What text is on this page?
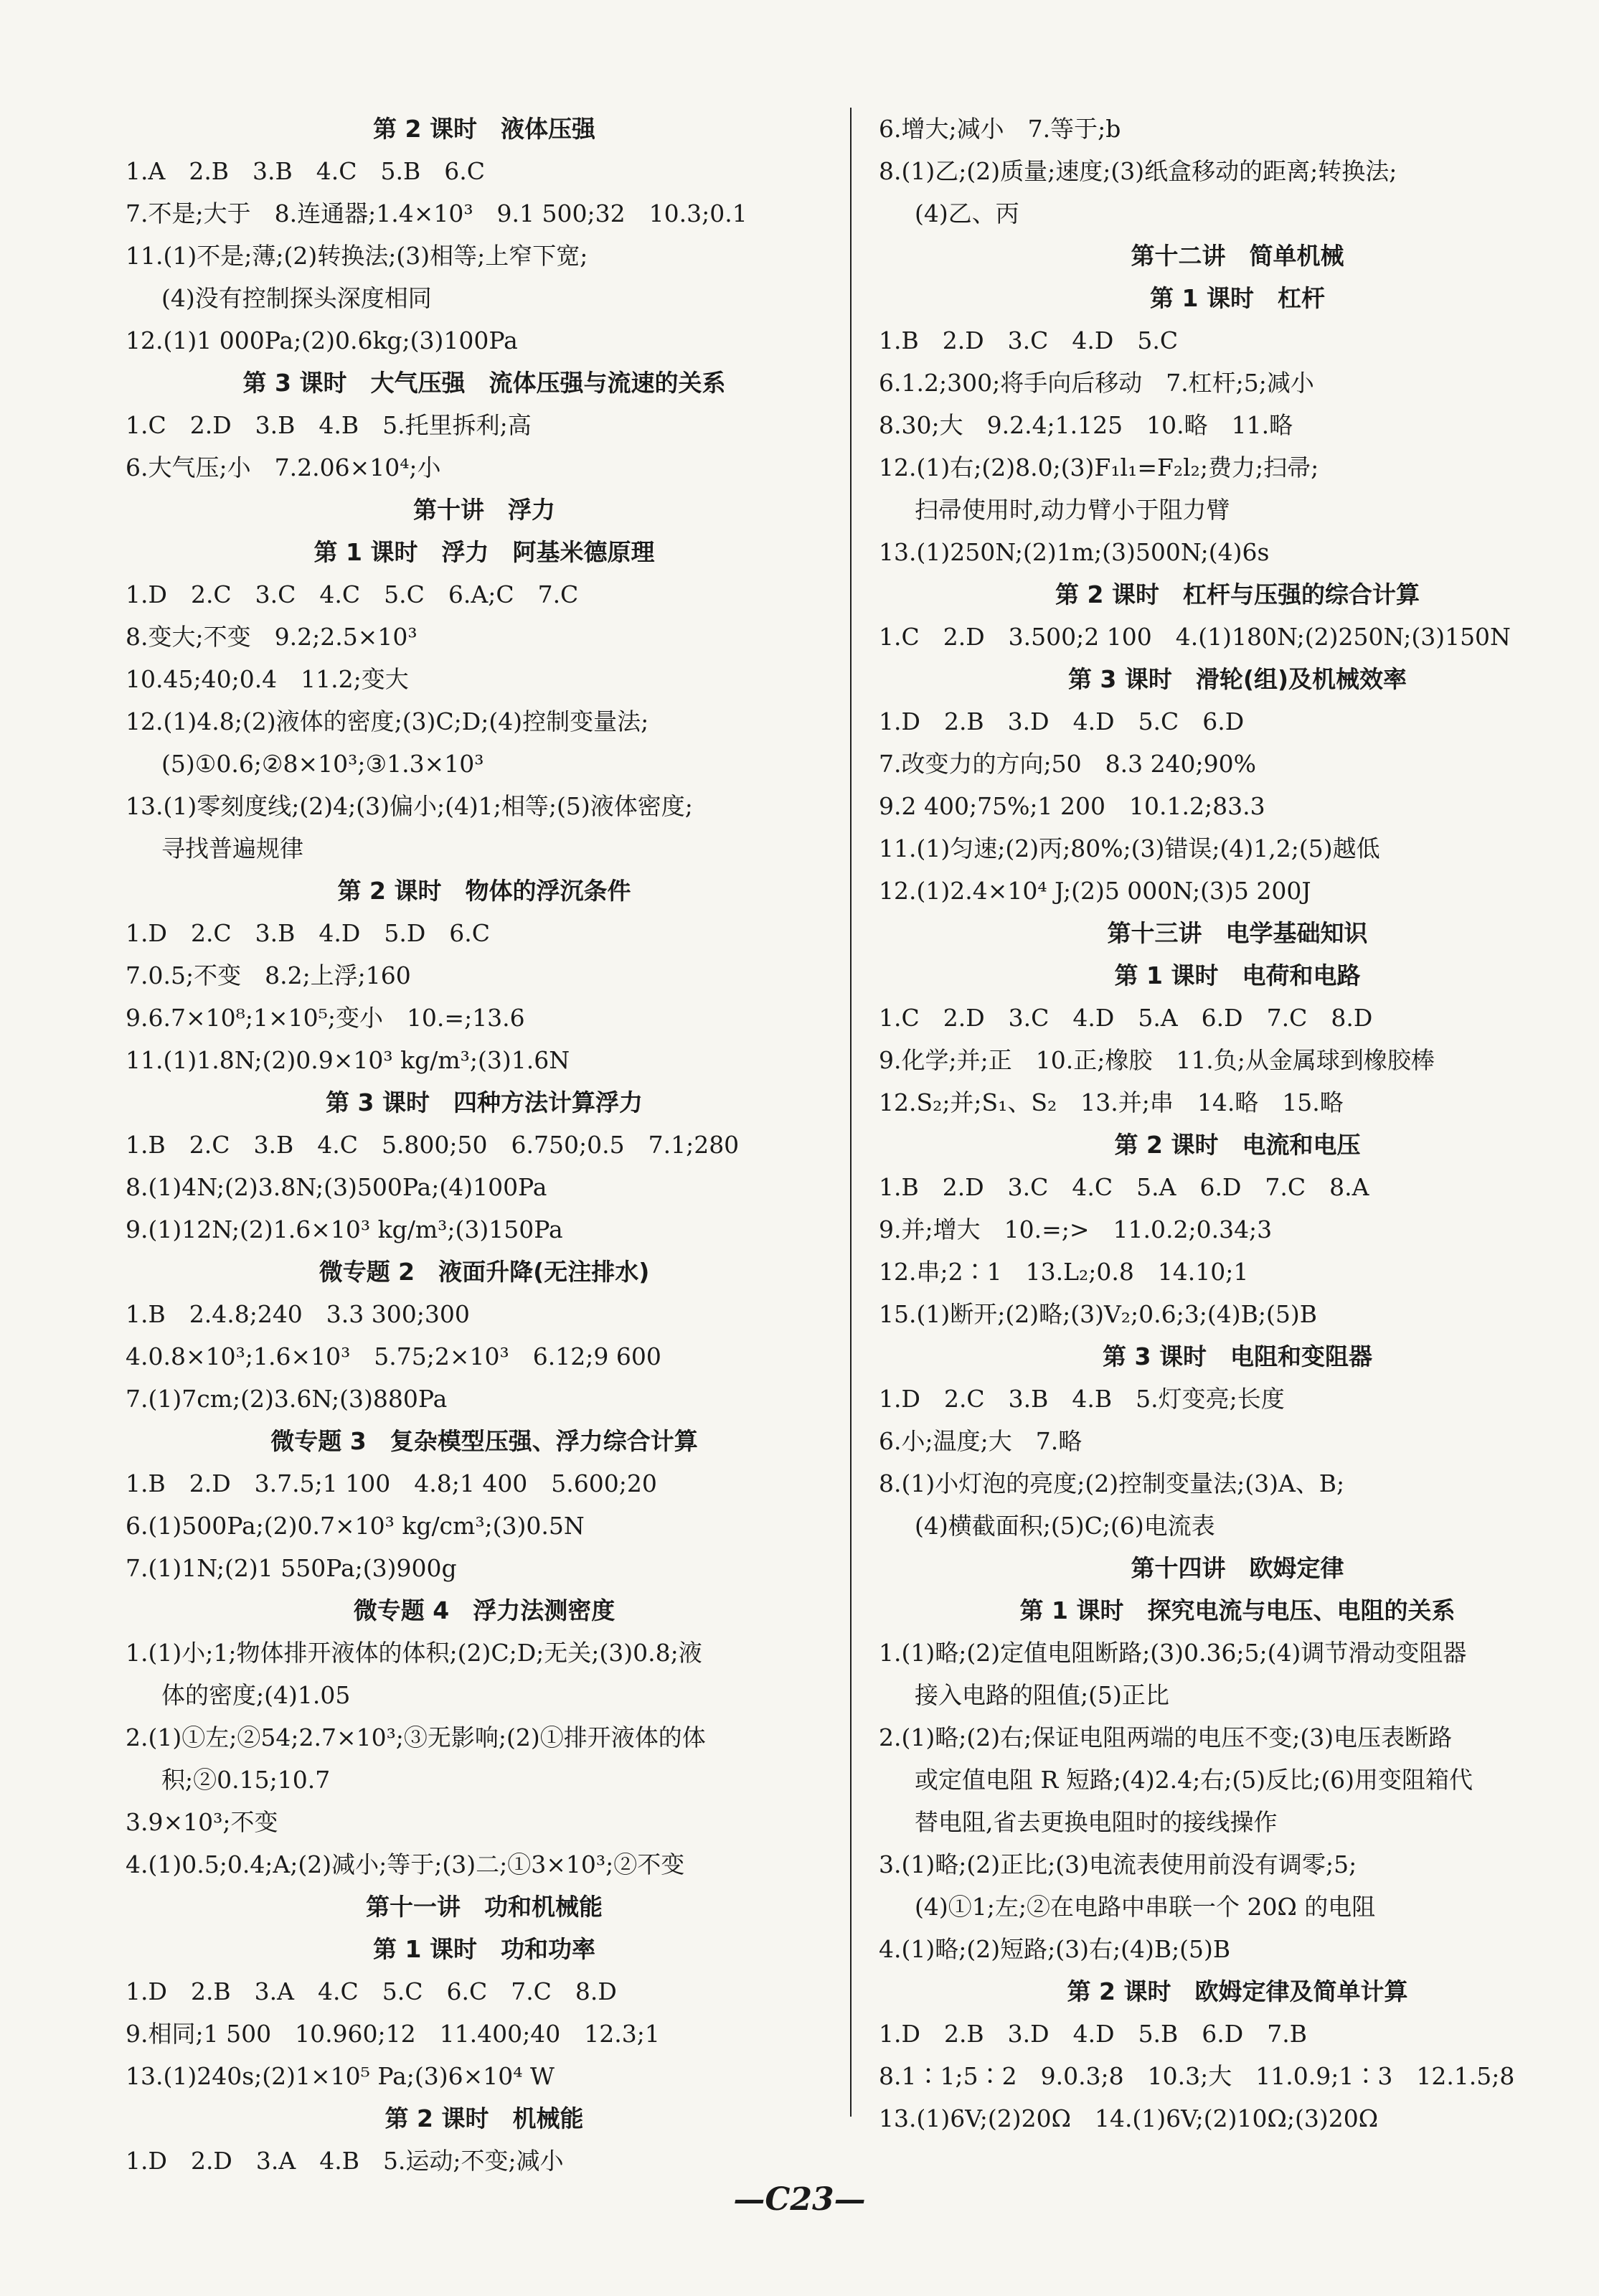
第 2 课时　液体压强
1.A　2.B　3.B　4.C　5.B　6.C
7.不是;大于　8.连通器;1.4×10³　9.1 500;32　10.3;0.1
11.(1)不是;薄;(2)转换法;(3)相等;上窄下宽;
(4)没有控制探头深度相同
12.(1)1 000Pa;(2)0.6kg;(3)100Pa
第 3 课时　大气压强　流体压强与流速的关系
1.C　2.D　3.B　4.B　5.托里拆利;高
6.大气压;小　7.2.06×10⁴;小
第十讲　浮力
第 1 课时　浮力　阿基米德原理
1.D　2.C　3.C　4.C　5.C　6.A;C　7.C
8.变大;不变　9.2;2.5×10³
10.45;40;0.4　11.2;变大
12.(1)4.8;(2)液体的密度;(3)C;D;(4)控制变量法;
(5)①0.6;②8×10³;③1.3×10³
13.(1)零刻度线;(2)4;(3)偏小;(4)1;相等;(5)液体密度;
寻找普遍规律
第 2 课时　物体的浮沉条件
1.D　2.C　3.B　4.D　5.D　6.C
7.0.5;不变　8.2;上浮;160
9.6.7×10⁸;1×10⁵;变小　10.=;13.6
11.(1)1.8N;(2)0.9×10³ kg/m³;(3)1.6N
第 3 课时　四种方法计算浮力
1.B　2.C　3.B　4.C　5.800;50　6.750;0.5　7.1;280
8.(1)4N;(2)3.8N;(3)500Pa;(4)100Pa
9.(1)12N;(2)1.6×10³ kg/m³;(3)150Pa
微专题 2　液面升降(无注排水)
1.B　2.4.8;240　3.3 300;300
4.0.8×10³;1.6×10³　5.75;2×10³　6.12;9 600
7.(1)7cm;(2)3.6N;(3)880Pa
微专题 3　复杂模型压强、浮力综合计算
1.B　2.D　3.7.5;1 100　4.8;1 400　5.600;20
6.(1)500Pa;(2)0.7×10³ kg/cm³;(3)0.5N
7.(1)1N;(2)1 550Pa;(3)900g
微专题 4　浮力法测密度
1.(1)小;1;物体排开液体的体积;(2)C;D;无关;(3)0.8;液
体的密度;(4)1.05
2.(1)①左;②54;2.7×10³;③无影响;(2)①排开液体的体
积;②0.15;10.7
3.9×10³;不变
4.(1)0.5;0.4;A;(2)减小;等于;(3)二;①3×10³;②不变
第十一讲　功和机械能
第 1 课时　功和功率
1.D　2.B　3.A　4.C　5.C　6.C　7.C　8.D
9.相同;1 500　10.960;12　11.400;40　12.3;1
13.(1)240s;(2)1×10⁵ Pa;(3)6×10⁴ W
第 2 课时　机械能
1.D　2.D　3.A　4.B　5.运动;不变;减小
6.增大;减小　7.等于;b
8.(1)乙;(2)质量;速度;(3)纸盒移动的距离;转换法;
(4)乙、丙
第十二讲　简单机械
第 1 课时　杠杆
1.B　2.D　3.C　4.D　5.C
6.1.2;300;将手向后移动　7.杠杆;5;减小
8.30;大　9.2.4;1.125　10.略　11.略
12.(1)右;(2)8.0;(3)F₁l₁=F₂l₂;费力;扫帚;
扫帚使用时,动力臂小于阻力臂
13.(1)250N;(2)1m;(3)500N;(4)6s
第 2 课时　杠杆与压强的综合计算
1.C　2.D　3.500;2 100　4.(1)180N;(2)250N;(3)150N
第 3 课时　滑轮(组)及机械效率
1.D　2.B　3.D　4.D　5.C　6.D
7.改变力的方向;50　8.3 240;90%
9.2 400;75%;1 200　10.1.2;83.3
11.(1)匀速;(2)丙;80%;(3)错误;(4)1,2;(5)越低
12.(1)2.4×10⁴ J;(2)5 000N;(3)5 200J
第十三讲　电学基础知识
第 1 课时　电荷和电路
1.C　2.D　3.C　4.D　5.A　6.D　7.C　8.D
9.化学;并;正　10.正;橡胶　11.负;从金属球到橡胶棒
12.S₂;并;S₁、S₂　13.并;串　14.略　15.略
第 2 课时　电流和电压
1.B　2.D　3.C　4.C　5.A　6.D　7.C　8.A
9.并;增大　10.=;>　11.0.2;0.34;3
12.串;2∶1　13.L₂;0.8　14.10;1
15.(1)断开;(2)略;(3)V₂;0.6;3;(4)B;(5)B
第 3 课时　电阻和变阻器
1.D　2.C　3.B　4.B　5.灯变亮;长度
6.小;温度;大　7.略
8.(1)小灯泡的亮度;(2)控制变量法;(3)A、B;
(4)横截面积;(5)C;(6)电流表
第十四讲　欧姆定律
第 1 课时　探究电流与电压、电阻的关系
1.(1)略;(2)定值电阻断路;(3)0.36;5;(4)调节滑动变阻器
接入电路的阻值;(5)正比
2.(1)略;(2)右;保证电阻两端的电压不变;(3)电压表断路
或定值电阻 R 短路;(4)2.4;右;(5)反比;(6)用变阻箱代
替电阻,省去更换电阻时的接线操作
3.(1)略;(2)正比;(3)电流表使用前没有调零;5;
(4)①1;左;②在电路中串联一个 20Ω 的电阻
4.(1)略;(2)短路;(3)右;(4)B;(5)B
第 2 课时　欧姆定律及简单计算
1.D　2.B　3.D　4.D　5.B　6.D　7.B
8.1∶1;5∶2　9.0.3;8　10.3;大　11.0.9;1∶3　12.1.5;8
13.(1)6V;(2)20Ω　14.(1)6V;(2)10Ω;(3)20Ω
—C23—
